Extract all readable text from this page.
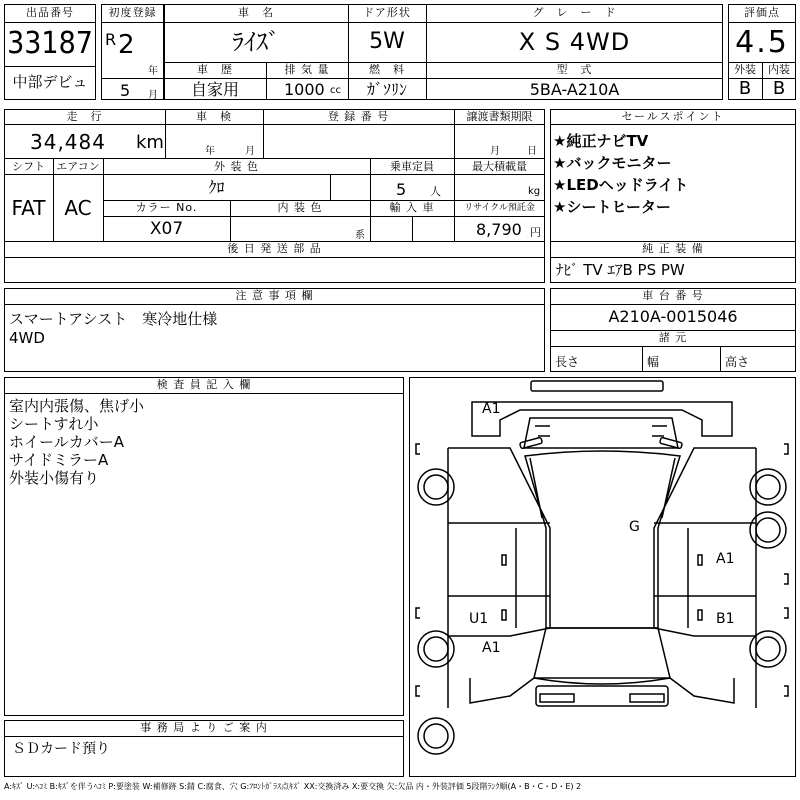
出品番号
33187
中部デビュ
初度登録
R 2
年
5 月
車　名
ﾗｲｽﾞ
ドア形状
5W
グ　レ　ー　ド
X S 4WD
車　歴
自家用
排 気 量
1000 cc
燃　料
ｶﾞｿﾘﾝ
型　式
5BA-A210A
評価点
4.5
外装	内装
B	B
走　行
34,484 km
車　検
年	月
登 録 番 号	譲渡書類期限
月	日
シフト
FAT
エアコン
AC
外 装 色
ｸﾛ
乗車定員
5 人
最大積載量
kg
カラー No.
X07
内 装 色
系
輸 入 車	リサイクル預託金
8,790 円
後 日 発 送 部 品
セールスポイント
★純正ナビTV
★バックモニター
★LEDヘッドライト
★シートヒーター
純 正 装 備
ﾅﾋﾞ TV ｴｱB PS PW
注 意 事 項 欄
スマートアシスト　寒冷地仕様
4WD
車 台 番 号
A210A-0015046
諸 元
長さ	幅	高さ
検 査 員 記 入 欄
室内内張傷、焦げ小
シートすれ小
ホイールカバーA
サイドミラーA
外装小傷有り
事 務 局 よ り ご 案 内
ＳＤカード預り
A1
G
A1
U1	B1
A1
A:ｷｽﾞ U:ﾍｺﾐ B:ｷｽﾞを伴うﾍｺﾐ P:要塗装 W:補修跡 S:錆 C:腐食、穴 G:ﾌﾛﾝﾄｶﾞﾗｽ点ｷｽﾞ XX:交換済み X:要交換 欠:欠品 内・外装評価 5段階ﾗﾝｸ順(A・B・C・D・E) 2
